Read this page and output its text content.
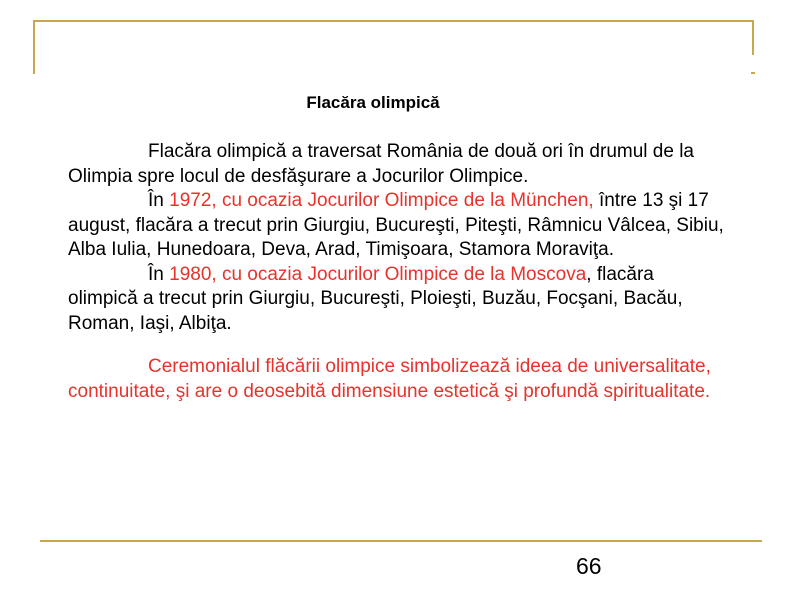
Flacăra olimpică

Flacăra olimpică a traversat România de două ori în drumul de la Olimpia spre locul de desfăşurare a Jocurilor Olimpice.

În 1972, cu ocazia Jocurilor Olimpice de la München, între 13 şi 17 august, flacăra a trecut prin Giurgiu, Bucureşti, Piteşti, Râmnicu Vâlcea, Sibiu, Alba Iulia, Hunedoara, Deva, Arad, Timişoara, Stamora Moraviţa.

În 1980, cu ocazia Jocurilor Olimpice de la Moscova, flacăra olimpică a trecut prin Giurgiu, Bucureşti, Ploieşti, Buzău, Focşani, Bacău, Roman, Iaşi, Albiţa.

Ceremonialul flăcării olimpice simbolizează ideea de universalitate, continuitate, şi are o deosebită dimensiune estetică şi profundă spiritualitate.

66
